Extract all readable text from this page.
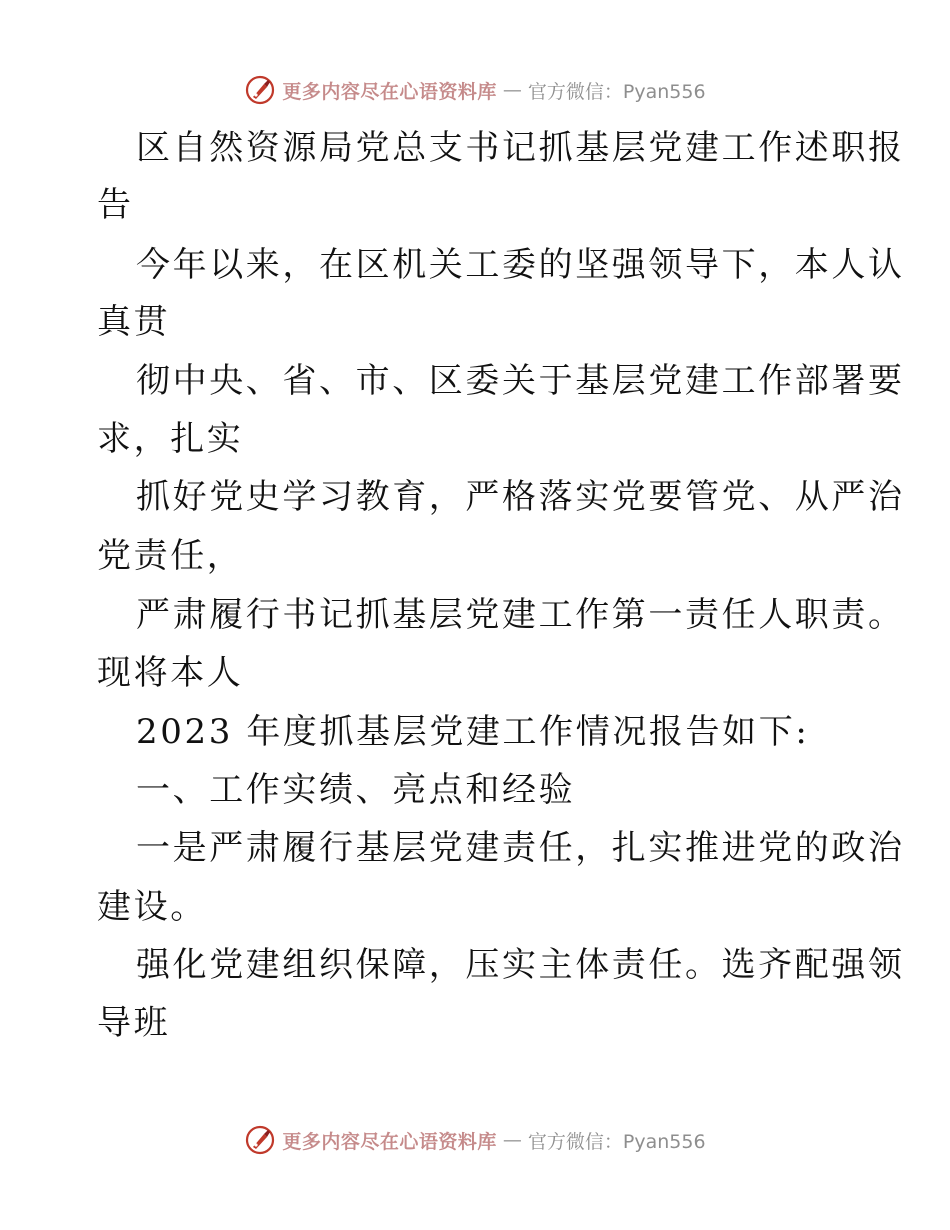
更多内容尽在心语资料库 — 官方微信：Pyan556
区自然资源局党总支书记抓基层党建工作述职报
告
今年以来，在区机关工委的坚强领导下，本人认
真贯
彻中央、省、市、区委关于基层党建工作部署要
求，扎实
抓好党史学习教育，严格落实党要管党、从严治
党责任，
严肃履行书记抓基层党建工作第一责任人职责。
现将本人
2023 年度抓基层党建工作情况报告如下:
一、工作实绩、亮点和经验
一是严肃履行基层党建责任，扎实推进党的政治
建设。
强化党建组织保障，压实主体责任。选齐配强领
导班
更多内容尽在心语资料库 — 官方微信：Pyan556
